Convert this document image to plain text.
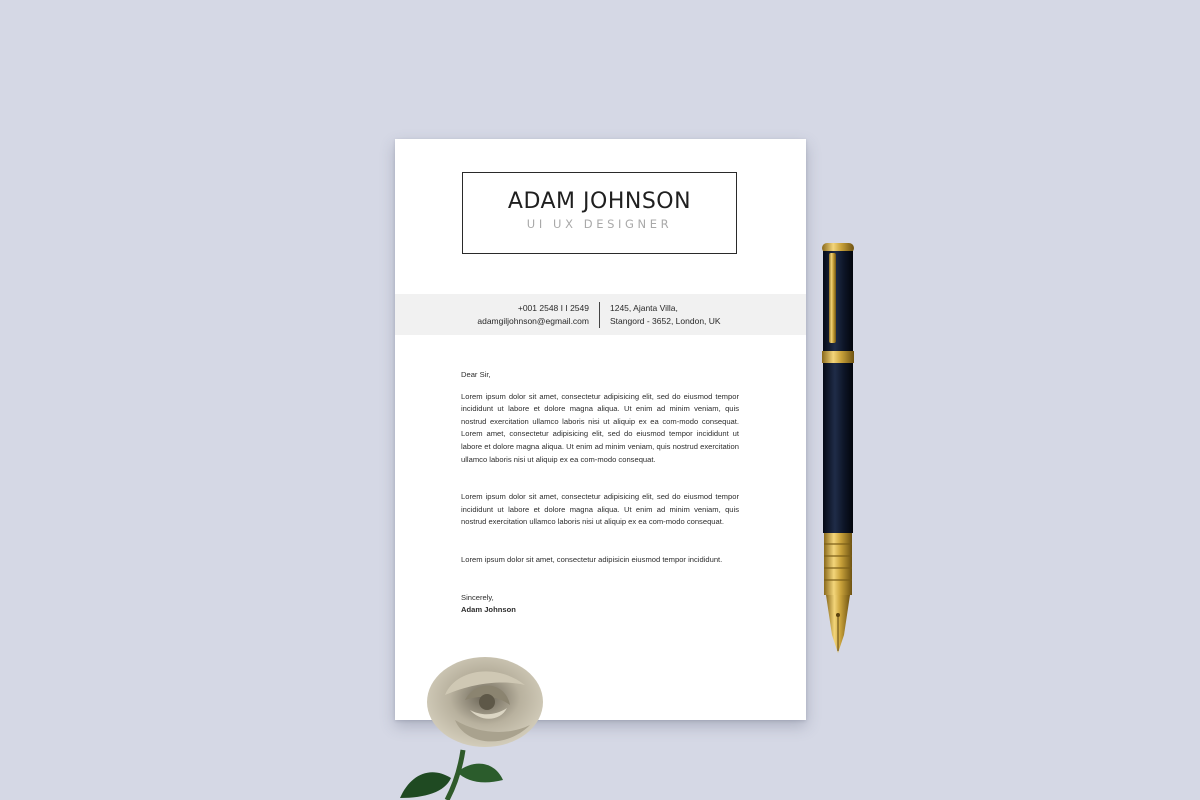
ADAM JOHNSON
UI UX DESIGNER
+001 2548 I I 2549
adamgiljohnson@egmail.com
1245, Ajanta Villa,
Stangord - 3652, London, UK

Dear Sir,

Lorem ipsum dolor sit amet, consectetur adipisicing elit, sed do eiusmod tempor incididunt ut labore et dolore magna aliqua. Ut enim ad minim veniam, quis nostrud exercitation ullamco laboris nisi ut aliquip ex ea com-modo consequat. Lorem amet, consectetur adipisicing elit, sed do eiusmod tempor incididunt ut labore et dolore magna aliqua. Ut enim ad minim veniam, quis nostrud exercitation ullamco laboris nisi ut aliquip ex ea com-modo consequat.

Lorem ipsum dolor sit amet, consectetur adipisicing elit, sed do eiusmod tempor incididunt ut labore et dolore magna aliqua. Ut enim ad minim veniam, quis nostrud exercitation ullamco laboris nisi ut aliquip ex ea com-modo consequat.

Lorem ipsum dolor sit amet, consectetur adipisicin eiusmod tempor incididunt.

Sincerely,

Adam Johnson
